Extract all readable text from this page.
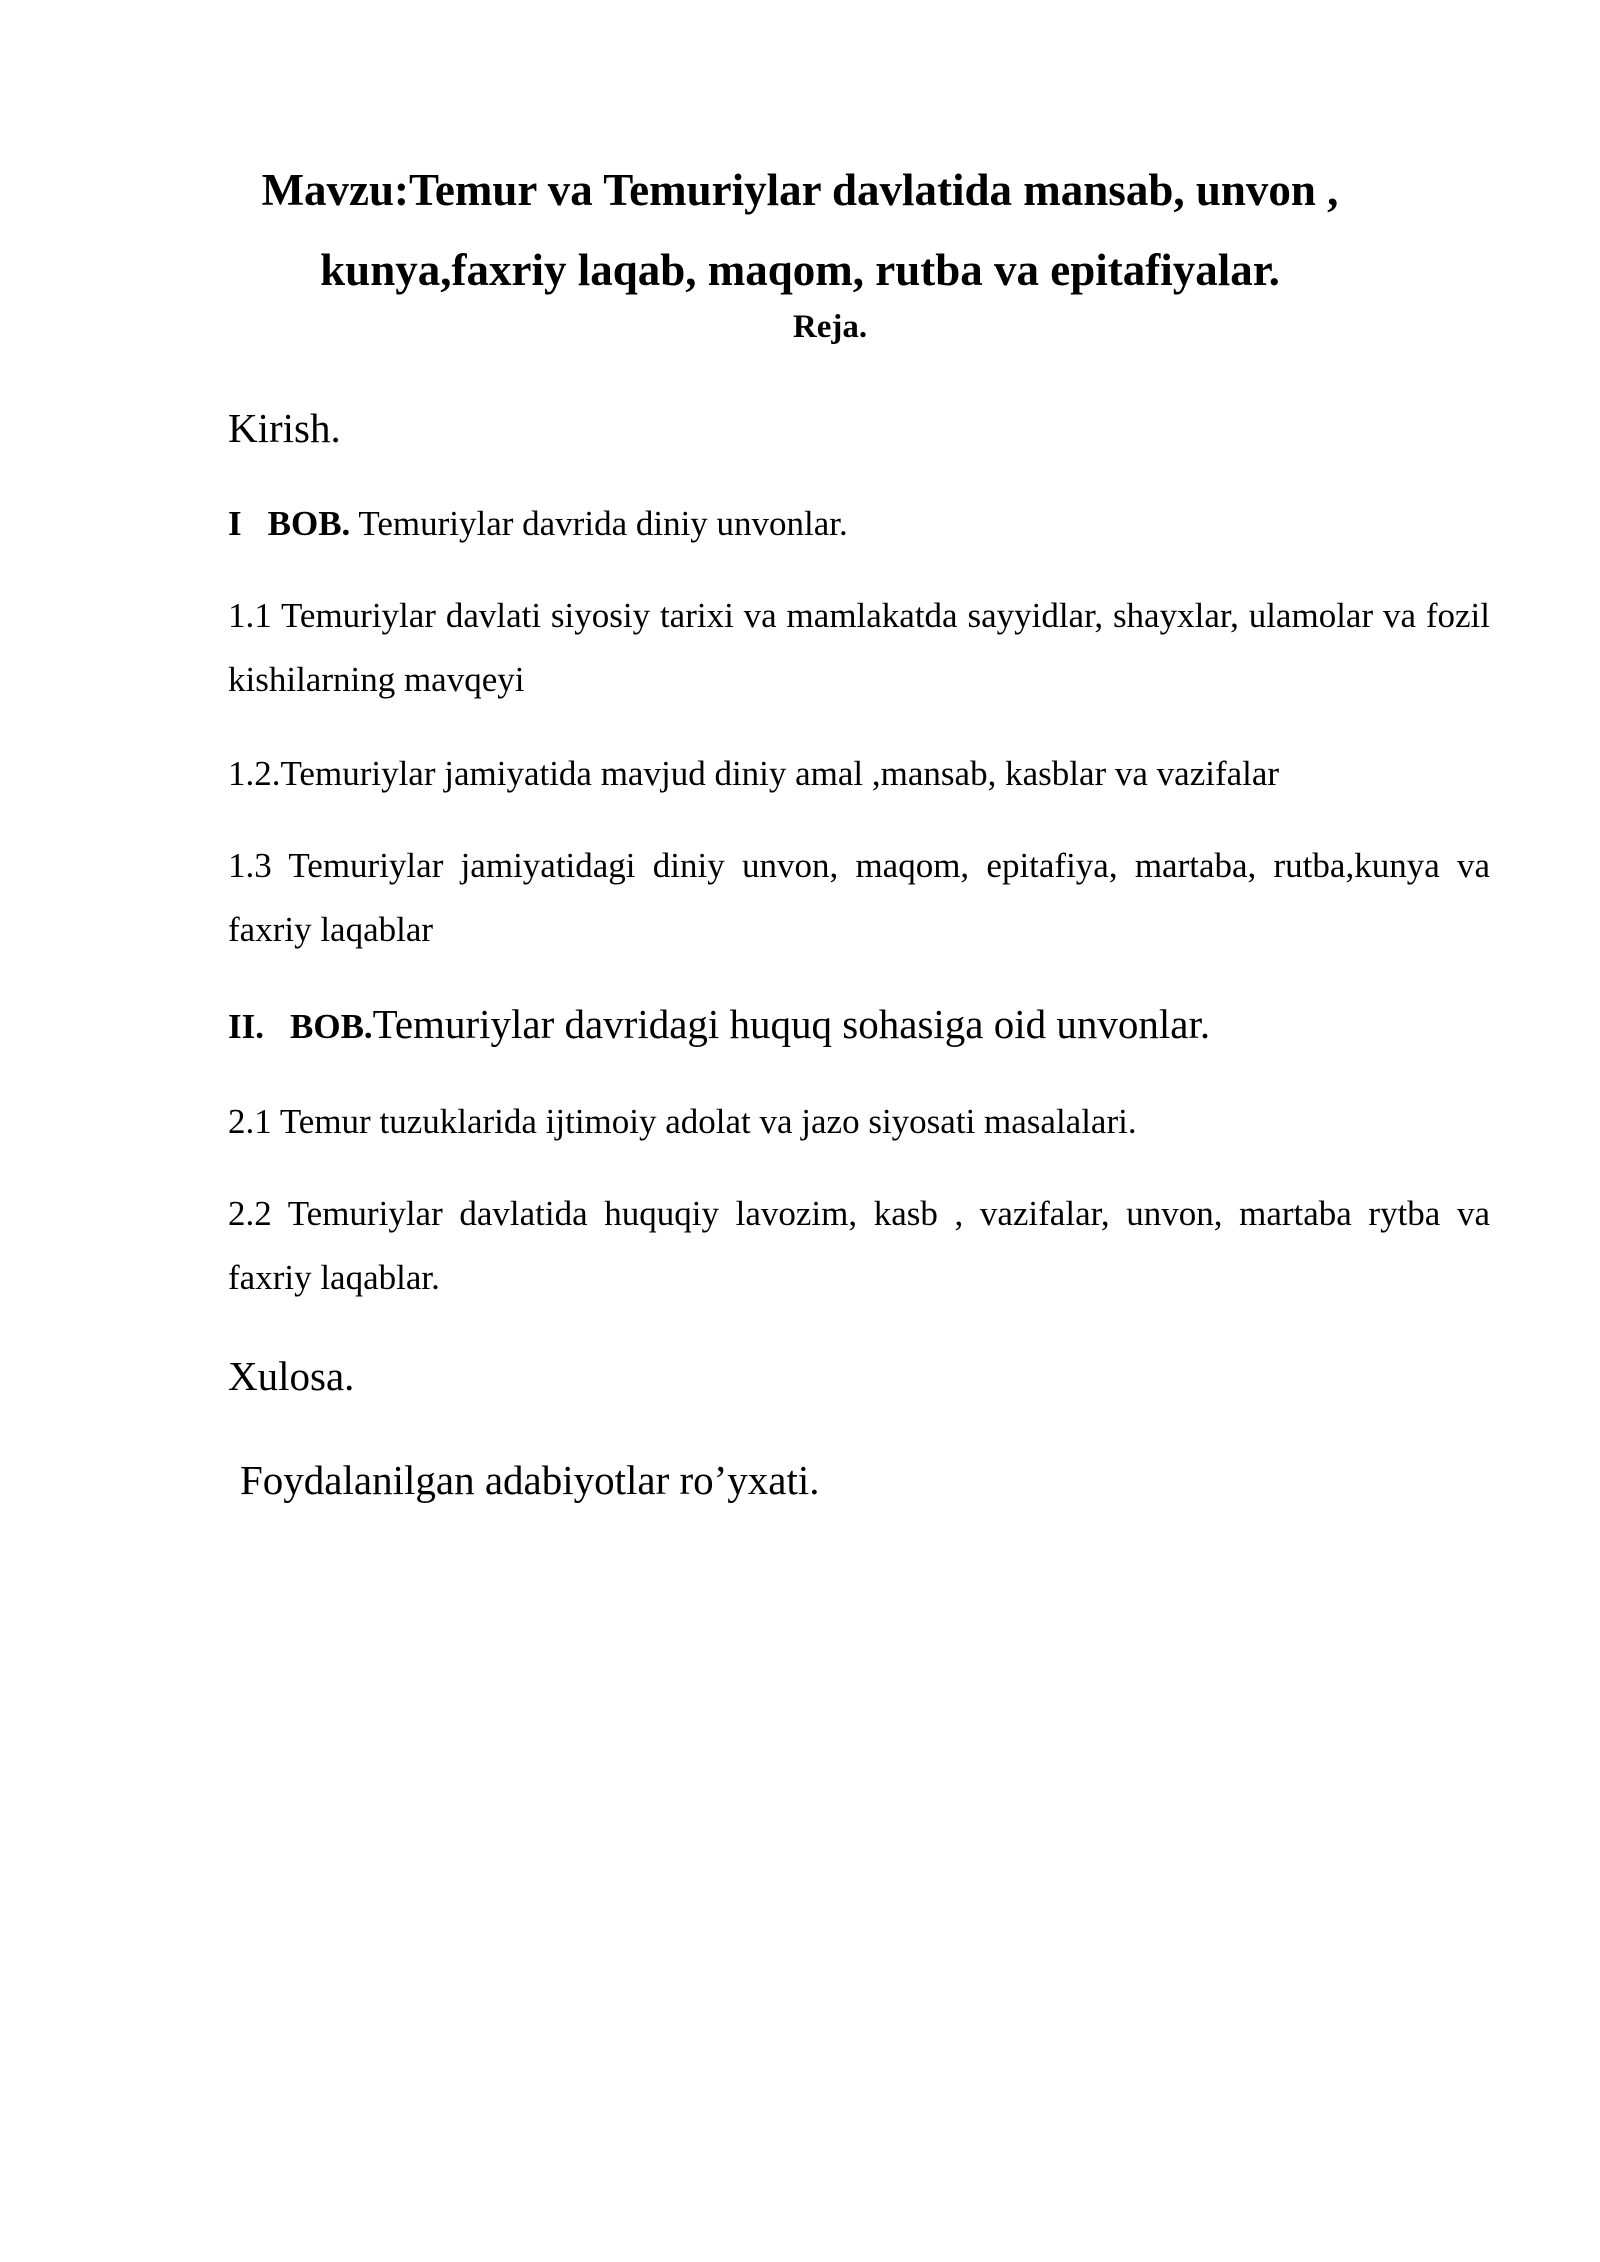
Mavzu:Temur va Temuriylar davlatida mansab, unvon ,
kunya,faxriy laqab, maqom, rutba va epitafiyalar.
Reja.
Kirish.
I BOB. Temuriylar davrida diniy unvonlar.
1.1 Temuriylar davlati siyosiy tarixi va mamlakatda sayyidlar, shayxlar, ulamolar va fozil kishilarning mavqeyi
1.2.Temuriylar jamiyatida mavjud diniy amal ,mansab, kasblar va vazifalar
1.3 Temuriylar jamiyatidagi diniy unvon, maqom, epitafiya, martaba, rutba,kunya va faxriy laqablar
II. BOB.Temuriylar davridagi huquq sohasiga oid unvonlar.
2.1 Temur tuzuklarida ijtimoiy adolat va jazo siyosati masalalari.
2.2 Temuriylar davlatida huquqiy lavozim, kasb , vazifalar, unvon, martaba rytba va faxriy laqablar.
Xulosa.
Foydalanilgan adabiyotlar ro’yxati.
